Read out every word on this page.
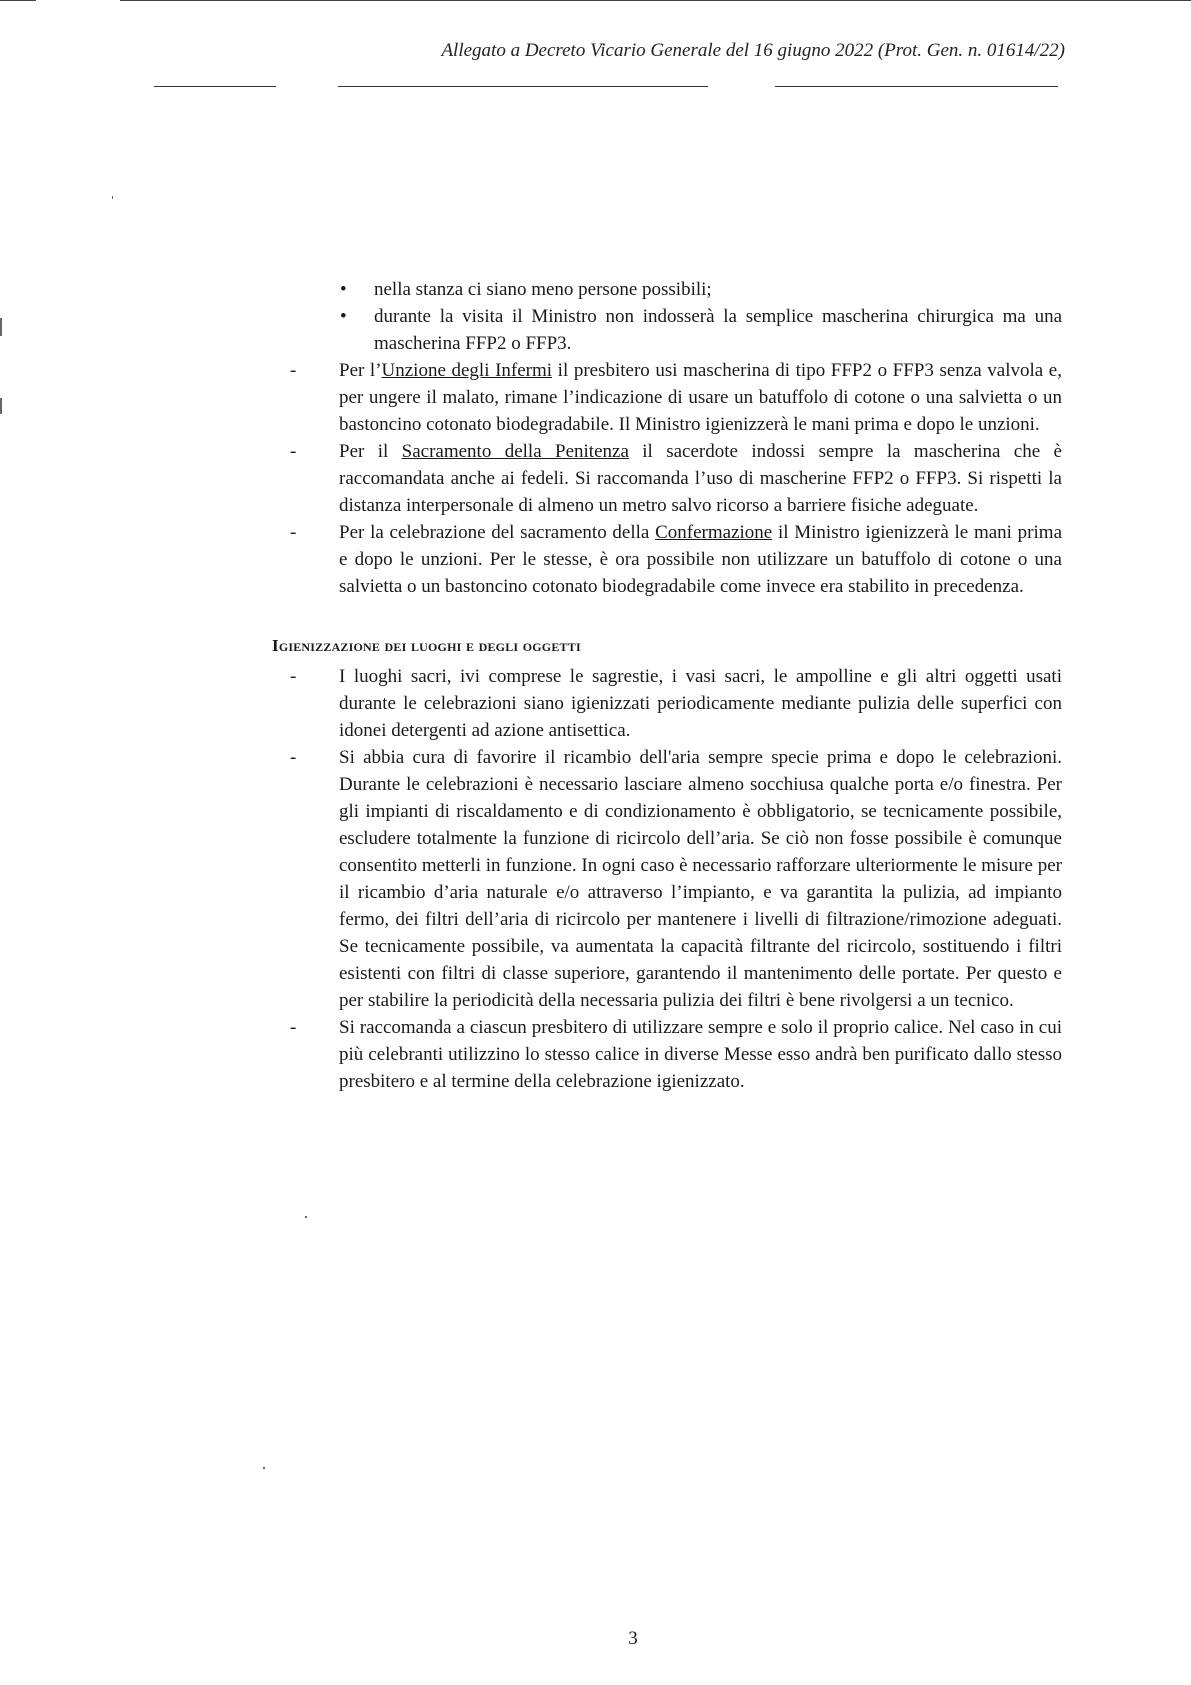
Allegato a Decreto Vicario Generale del 16 giugno 2022 (Prot. Gen. n. 01614/22)
• nella stanza ci siano meno persone possibili;
• durante la visita il Ministro non indosserà la semplice mascherina chirurgica ma una mascherina FFP2 o FFP3.
- Per l’Unzione degli Infermi il presbitero usi mascherina di tipo FFP2 o FFP3 senza valvola e, per ungere il malato, rimane l’indicazione di usare un batuffolo di cotone o una salvietta o un bastoncino cotonato biodegradabile. Il Ministro igienizzerà le mani prima e dopo le unzioni.
- Per il Sacramento della Penitenza il sacerdote indossi sempre la mascherina che è raccomandata anche ai fedeli. Si raccomanda l’uso di mascherine FFP2 o FFP3. Si rispetti la distanza interpersonale di almeno un metro salvo ricorso a barriere fisiche adeguate.
- Per la celebrazione del sacramento della Confermazione il Ministro igienizzerà le mani prima e dopo le unzioni. Per le stesse, è ora possibile non utilizzare un batuffolo di cotone o una salvietta o un bastoncino cotonato biodegradabile come invece era stabilito in precedenza.
Igienizzazione dei luoghi e degli oggetti
- I luoghi sacri, ivi comprese le sagrestie, i vasi sacri, le ampolline e gli altri oggetti usati durante le celebrazioni siano igienizzati periodicamente mediante pulizia delle superfici con idonei detergenti ad azione antisettica.
- Si abbia cura di favorire il ricambio dell'aria sempre specie prima e dopo le celebrazioni. Durante le celebrazioni è necessario lasciare almeno socchiusa qualche porta e/o finestra. Per gli impianti di riscaldamento e di condizionamento è obbligatorio, se tecnicamente possibile, escludere totalmente la funzione di ricircolo dell’aria. Se ciò non fosse possibile è comunque consentito metterli in funzione. In ogni caso è necessario rafforzare ulteriormente le misure per il ricambio d’aria naturale e/o attraverso l’impianto, e va garantita la pulizia, ad impianto fermo, dei filtri dell’aria di ricircolo per mantenere i livelli di filtrazione/rimozione adeguati. Se tecnicamente possibile, va aumentata la capacità filtrante del ricircolo, sostituendo i filtri esistenti con filtri di classe superiore, garantendo il mantenimento delle portate. Per questo e per stabilire la periodicità della necessaria pulizia dei filtri è bene rivolgersi a un tecnico.
- Si raccomanda a ciascun presbitero di utilizzare sempre e solo il proprio calice. Nel caso in cui più celebranti utilizzino lo stesso calice in diverse Messe esso andrà ben purificato dallo stesso presbitero e al termine della celebrazione igienizzato.
3
